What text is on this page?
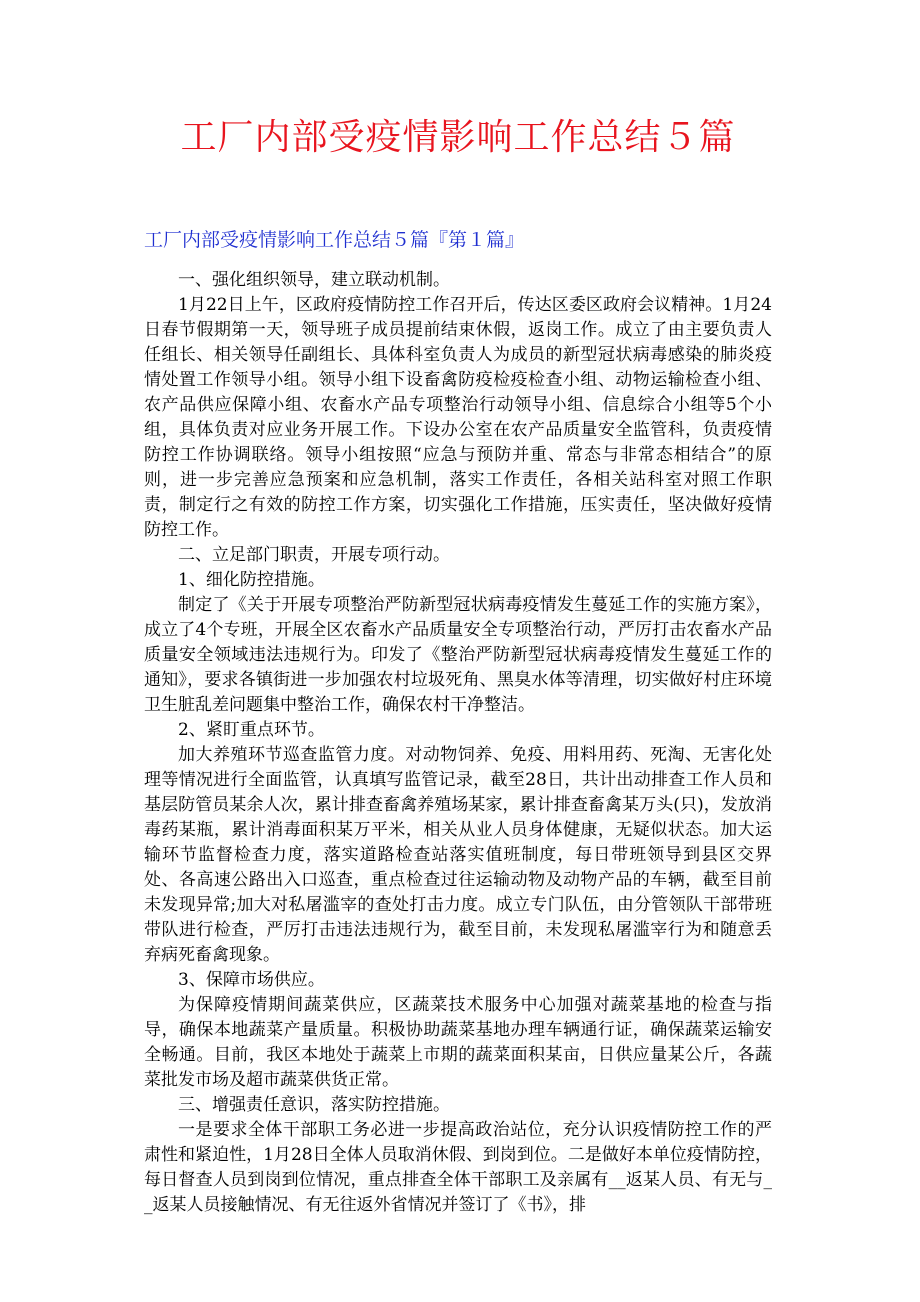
工厂内部受疫情影响工作总结５篇
工厂内部受疫情影响工作总结５篇『第１篇』

一、强化组织领导，建立联动机制。

1月22日上午，区政府疫情防控工作召开后，传达区委区政府会议精神。1月24日春节假期第一天，领导班子成员提前结束休假，返岗工作。成立了由主要负责人任组长、相关领导任副组长、具体科室负责人为成员的新型冠状病毒感染的肺炎疫情处置工作领导小组。领导小组下设畜禽防疫检疫检查小组、动物运输检查小组、农产品供应保障小组、农畜水产品专项整治行动领导小组、信息综合小组等5个小组，具体负责对应业务开展工作。下设办公室在农产品质量安全监管科，负责疫情防控工作协调联络。领导小组按照“应急与预防并重、常态与非常态相结合”的原则，进一步完善应急预案和应急机制，落实工作责任，各相关站科室对照工作职责，制定行之有效的防控工作方案，切实强化工作措施，压实责任，坚决做好疫情防控工作。

二、立足部门职责，开展专项行动。

1、细化防控措施。

制定了《关于开展专项整治严防新型冠状病毒疫情发生蔓延工作的实施方案》，成立了4个专班，开展全区农畜水产品质量安全专项整治行动，严厉打击农畜水产品质量安全领域违法违规行为。印发了《整治严防新型冠状病毒疫情发生蔓延工作的通知》，要求各镇街进一步加强农村垃圾死角、黑臭水体等清理，切实做好村庄环境卫生脏乱差问题集中整治工作，确保农村干净整洁。

2、紧盯重点环节。

加大养殖环节巡查监管力度。对动物饲养、免疫、用料用药、死淘、无害化处理等情况进行全面监管，认真填写监管记录，截至28日，共计出动排查工作人员和基层防管员某余人次，累计排查畜禽养殖场某家，累计排查畜禽某万头(只)，发放消毒药某瓶，累计消毒面积某万平米，相关从业人员身体健康，无疑似状态。加大运输环节监督检查力度，落实道路检查站落实值班制度，每日带班领导到县区交界处、各高速公路出入口巡查，重点检查过往运输动物及动物产品的车辆，截至目前未发现异常;加大对私屠滥宰的查处打击力度。成立专门队伍，由分管领队干部带班带队进行检查，严厉打击违法违规行为，截至目前，未发现私屠滥宰行为和随意丢弃病死畜禽现象。

3、保障市场供应。

为保障疫情期间蔬菜供应，区蔬菜技术服务中心加强对蔬菜基地的检查与指导，确保本地蔬菜产量质量。积极协助蔬菜基地办理车辆通行证，确保蔬菜运输安全畅通。目前，我区本地处于蔬菜上市期的蔬菜面积某亩，日供应量某公斤，各蔬菜批发市场及超市蔬菜供货正常。

三、增强责任意识，落实防控措施。

一是要求全体干部职工务必进一步提高政治站位，充分认识疫情防控工作的严肃性和紧迫性，1月28日全体人员取消休假、到岗到位。二是做好本单位疫情防控，每日督查人员到岗到位情况，重点排查全体干部职工及亲属有__返某人员、有无与__返某人员接触情况、有无往返外省情况并签订了《书》，排
